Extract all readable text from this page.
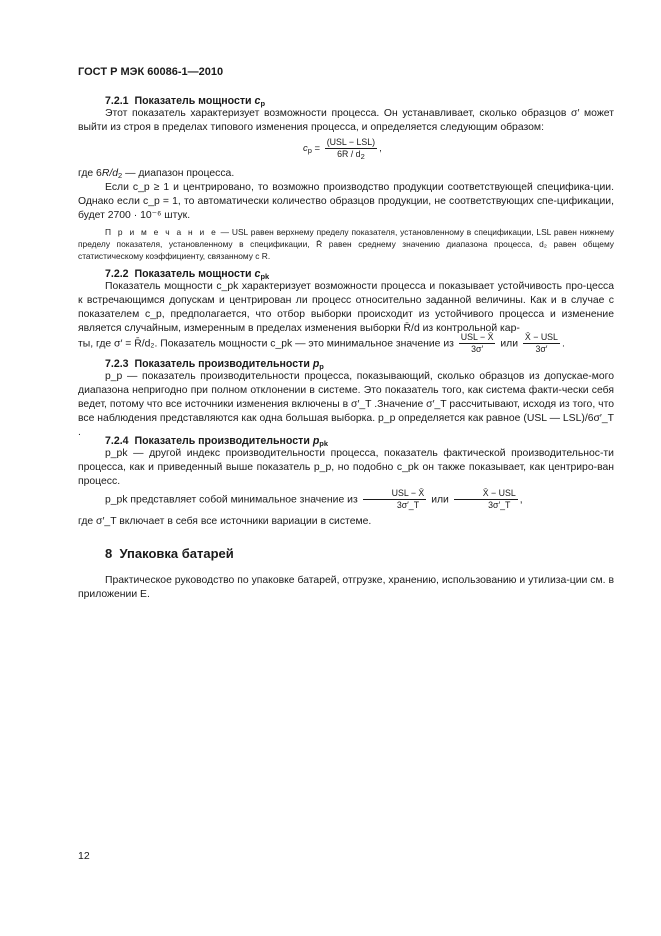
ГОСТ Р МЭК 60086-1—2010
7.2.1 Показатель мощности $c_p$
Этот показатель характеризует возможности процесса. Он устанавливает, сколько образцов σ′ может выйти из строя в пределах типового изменения процесса, и определяется следующим образом:
$c_p = \frac{\text{(USL − LSL)}}{6R / d_2}$ ,
где $6R/d_2$ — диапазон процесса.
Если c_p ≥ 1 и центрировано, то возможно производство продукции соответствующей специфика-ции. Однако если c_p = 1, то автоматически количество образцов продукции, не соответствующих спе-цификации, будет 2700 · 10⁻⁶ штук.
П р и м е ч а н и е — USL равен верхнему пределу показателя, установленному в спецификации, LSL равен нижнему пределу показателя, установленному в спецификации, R̄ равен среднему значению диапазона процесса, d₂ равен общему статистическому коэффициенту, связанному с R.
7.2.2 Показатель мощности $c_{pk}$
Показатель мощности c_pk характеризует возможности процесса и показывает устойчивость про-цесса к встречающимся допускам и центрирован ли процесс относительно заданной величины. Как и в случае с показателем c_p, предполагается, что отбор выборки происходит из устойчивого процесса и изменение является случайным, измеренным в пределах изменения выборки R̄/d из контрольной кар-
ты, где σ′ = R̄/d₂. Показатель мощности c_pk — это минимальное значение из $\frac{\text{USL − X̄}}{3\sigma'}$ или $\frac{\text{X̄ − USL}}{3\sigma'}$ .
7.2.3 Показатель производительности $p_p$
p_p — показатель производительности процесса, показывающий, сколько образцов из допускае-мого диапазона непригодно при полном отклонении в системе. Это показатель того, как система факти-чески себя ведет, потому что все источники изменения включены в σ′_T .Значение σ′_T рассчитывают, исходя из того, что все наблюдения представляются как одна большая выборка. p_p определяется как равное (USL — LSL)/6σ′_T .
7.2.4 Показатель производительности $p_{pk}$
p_pk — другой индекс производительности процесса, показатель фактической производительнос-ти процесса, как и приведенный выше показатель p_p, но подобно c_pk он также показывает, как центриро-ван процесс.
p_pk представляет собой минимальное значение из $\frac{\text{USL − X̄}}{3\sigma'\_T}$ или $\frac{\text{X̄ − USL}}{3\sigma'\_T}$ ,
где σ′_T включает в себя все источники вариации в системе.
8 Упаковка батарей
Практическое руководство по упаковке батарей, отгрузке, хранению, использованию и утилиза-ции см. в приложении Е.
12
